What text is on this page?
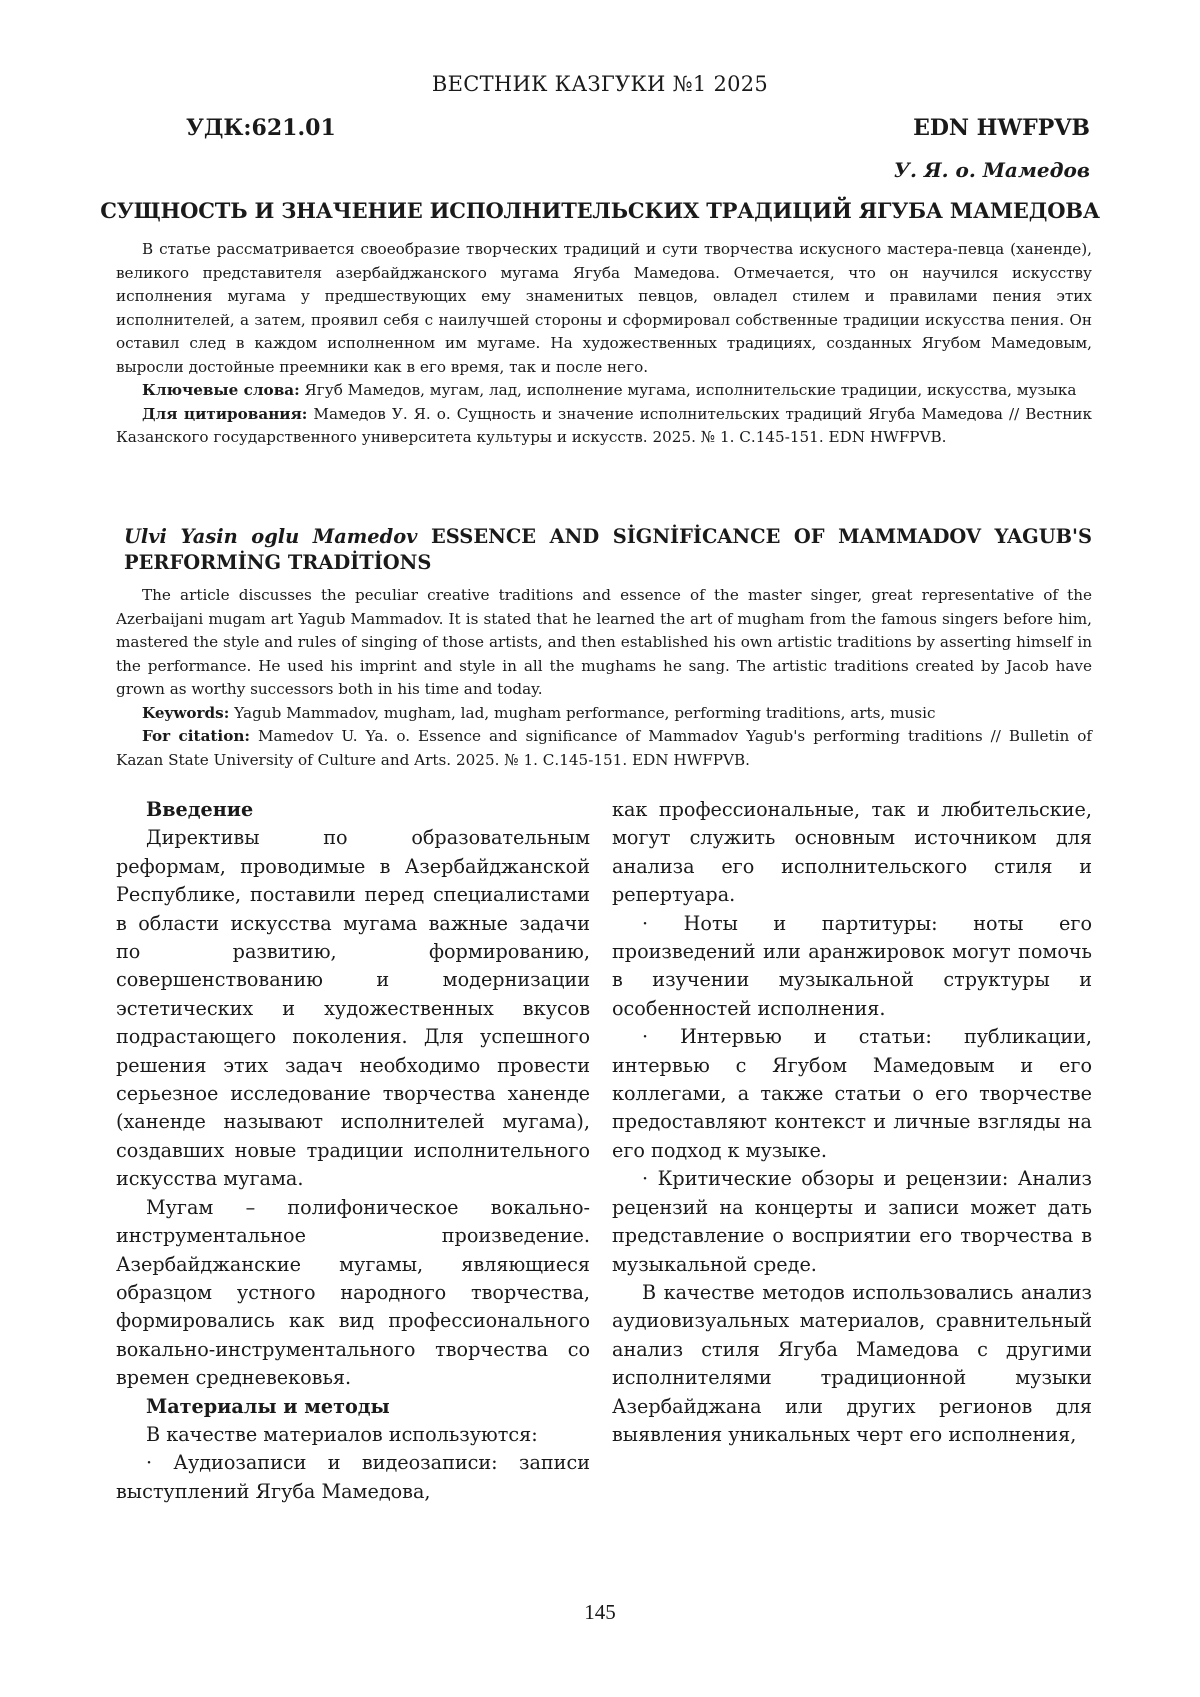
ВЕСТНИК КАЗГУКИ №1 2025
УДК:621.01	EDN HWFPVB
У. Я. о. Мамедов
СУЩНОСТЬ И ЗНАЧЕНИЕ ИСПОЛНИТЕЛЬСКИХ ТРАДИЦИЙ ЯГУБА МАМЕДОВА

В статье рассматривается своеобразие творческих традиций и сути творчества искусного мастера-певца (ханенде), великого представителя азербайджанского мугама Ягуба Мамедова. Отмечается, что он научился искусству исполнения мугама у предшествующих ему знаменитых певцов, овладел стилем и правилами пения этих исполнителей, а затем, проявил себя с наилучшей стороны и сформировал собственные традиции искусства пения. Он оставил след в каждом исполненном им мугаме. На художественных традициях, созданных Ягубом Мамедовым, выросли достойные преемники как в его время, так и после него.

Ключевые слова: Ягуб Мамедов, мугам, лад, исполнение мугама, исполнительские традиции, искусства, музыка

Для цитирования: Мамедов У. Я. о. Сущность и значение исполнительских традиций Ягуба Мамедова // Вестник Казанского государственного университета культуры и искусств. 2025. № 1. С.145-151. EDN HWFPVB.

Ulvi Yasin oglu Mamedov ESSENCE AND SİGNİFİCANCE OF MAMMADOV YAGUB'S PERFORMİNG TRADİTİONS

The article discusses the peculiar creative traditions and essence of the master singer, great representative of the Azerbaijani mugam art Yagub Mammadov. It is stated that he learned the art of mugham from the famous singers before him, mastered the style and rules of singing of those artists, and then established his own artistic traditions by asserting himself in the performance. He used his imprint and style in all the mughams he sang. The artistic traditions created by Jacob have grown as worthy successors both in his time and today.

Keywords: Yagub Mammadov, mugham, lad, mugham performance, performing traditions, arts, music

For citation: Mamedov U. Ya. o. Essence and significance of Mammadov Yagub's performing traditions // Bulletin of Kazan State University of Culture and Arts. 2025. № 1. С.145-151. EDN HWFPVB.

Введение

Директивы по образовательным реформам, проводимые в Азербайджанской Республике, поставили перед специалистами в области искусства мугама важные задачи по развитию, формированию, совершенствованию и модернизации эстетических и художественных вкусов подрастающего поколения. Для успешного решения этих задач необходимо провести серьезное исследование творчества ханенде (ханенде называют исполнителей мугама), создавших новые традиции исполнительного искусства мугама.

Мугам – полифоническое вокально-инструментальное произведение. Азербайджанские мугамы, являющиеся образцом устного народного творчества, формировались как вид профессионального вокально-инструментального творчества со времен средневековья.

Материалы и методы

В качестве материалов используются:

· Аудиозаписи и видеозаписи: записи выступлений Ягуба Мамедова,

как профессиональные, так и любительские, могут служить основным источником для анализа его исполнительского стиля и репертуара.

· Ноты и партитуры: ноты его произведений или аранжировок могут помочь в изучении музыкальной структуры и особенностей исполнения.

· Интервью и статьи: публикации, интервью с Ягубом Мамедовым и его коллегами, а также статьи о его творчестве предоставляют контекст и личные взгляды на его подход к музыке.

· Критические обзоры и рецензии: Анализ рецензий на концерты и записи может дать представление о восприятии его творчества в музыкальной среде.

В качестве методов использовались анализ аудиовизуальных материалов, сравнительный анализ стиля Ягуба Мамедова с другими исполнителями традиционной музыки Азербайджана или других регионов для выявления уникальных черт его исполнения,

145
